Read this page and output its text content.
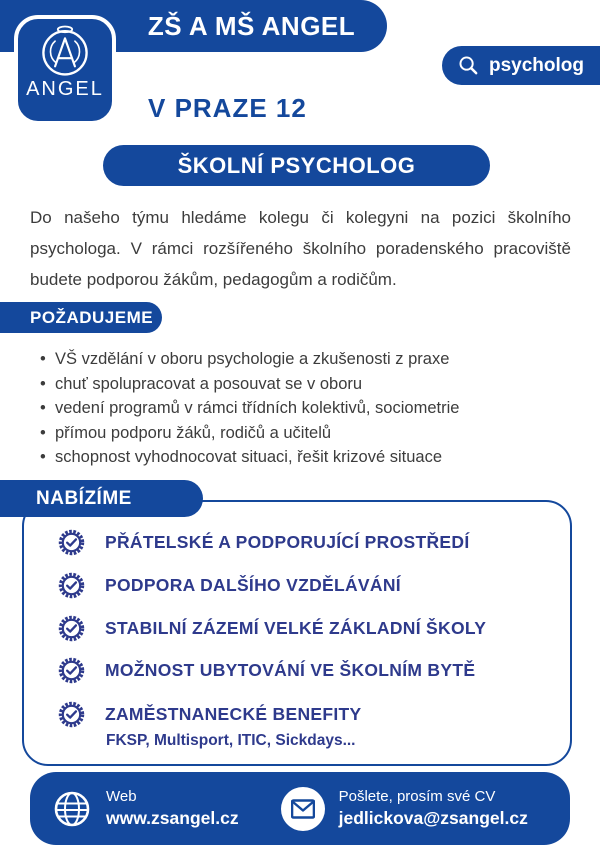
ZŠ A MŠ ANGEL
ANGEL
V PRAZE 12
psycholog
ŠKOLNÍ PSYCHOLOG

Do našeho týmu hledáme kolegu či kolegyni na pozici školního psychologa. V rámci rozšířeného školního poradenského pracoviště budete podporou žákům, pedagogům a rodičům.

POŽADUJEME
• VŠ vzdělání v oboru psychologie a zkušenosti z praxe
• chuť spolupracovat a posouvat se v oboru
• vedení programů v rámci třídních kolektivů, sociometrie
• přímou podporu žáků, rodičů a učitelů
• schopnost vyhodnocovat situaci, řešit krizové situace
NABÍZÍME
PŘÁTELSKÉ A PODPORUJÍCÍ PROSTŘEDÍ
PODPORA DALŠÍHO VZDĚLÁVÁNÍ
STABILNÍ ZÁZEMÍ VELKÉ ZÁKLADNÍ ŠKOLY
MOŽNOST UBYTOVÁNÍ VE ŠKOLNÍM BYTĚ
ZAMĚSTNANECKÉ BENEFITY
FKSP, Multisport, ITIC, Sickdays...
Web
www.zsangel.cz
Pošlete, prosím své CV
jedlickova@zsangel.cz
